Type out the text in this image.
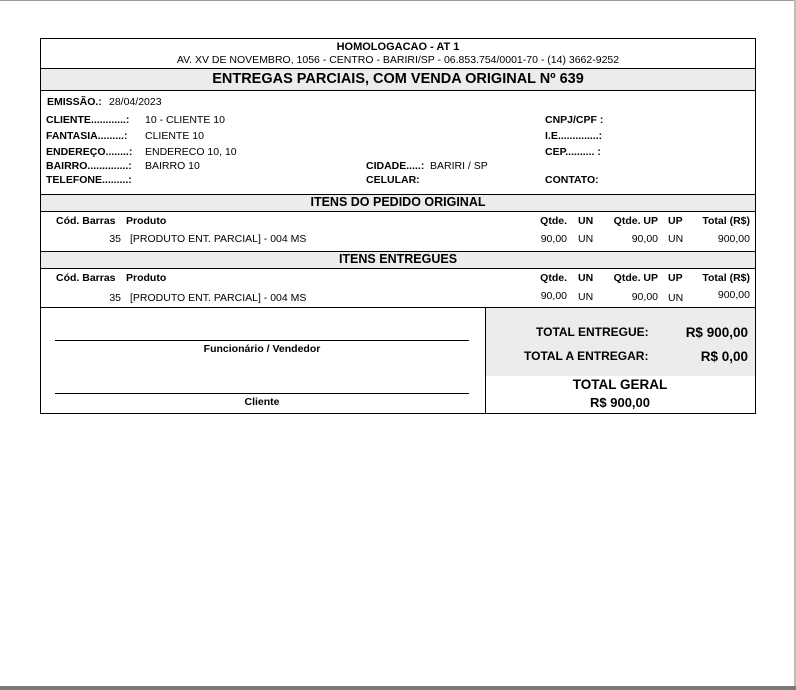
HOMOLOGACAO - AT 1
AV. XV DE NOVEMBRO, 1056 - CENTRO - BARIRI/SP - 06.853.754/0001-70 - (14) 3662-9252
ENTREGAS PARCIAIS, COM VENDA ORIGINAL Nº 639
EMISSÃO.: 28/04/2023
CLIENTE............: 10 - CLIENTE 10
FANTASIA.........: CLIENTE 10
ENDEREÇO........: ENDERECO 10, 10
BAIRRO..............: BAIRRO 10
TELEFONE.........:
CIDADE.....: BARIRI / SP
CELULAR:
CNPJ/CPF :
I.E..............:
CEP.......... :
CONTATO:
ITENS DO PEDIDO ORIGINAL
Cód. Barras Produto	Qtde. UN	Qtde. UP UP	Total (R$)
35 [PRODUTO ENT. PARCIAL] - 004 MS	90,00 UN	90,00 UN	900,00
ITENS ENTREGUES
Cód. Barras Produto	Qtde. UN	Qtde. UP UP	Total (R$)
35 [PRODUTO ENT. PARCIAL] - 004 MS	90,00 UN	90,00 UN	900,00
Funcionário / Vendedor
Cliente
TOTAL ENTREGUE:	R$ 900,00
TOTAL A ENTREGAR:	R$ 0,00
TOTAL GERAL
R$ 900,00
